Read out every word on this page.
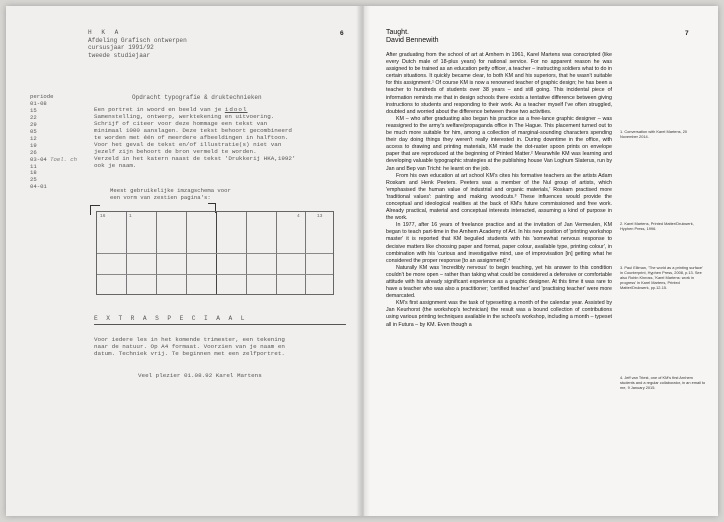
6
H K A
Afdeling Grafisch ontwerpen
cursusjaar 1991/92
tweede studiejaar
periode
01-08
15
22
29
05
12
19
26
03-04 Toel. ch
11
18
25
04-01
Opdracht typografie & druktechnieken
Een portret in woord en beeld van je idool
Samenstelling, ontwerp, werktekening en uitvoering.
Schrijf of citeer voor deze hommage een tekst van
minimaal 1000 aanslagen. Deze tekst behoort gecombineerd
te worden met één of meerdere afbeeldingen in halftoon.
Voor het geval de tekst en/of illustratie(s) niet van
jezelf zijn behoort de bron vermeld te worden.
Verzeld in het katern naast de tekst 'Drukkerij HKA,1992'
ook je naam.
Meest gebruikelijke imzagschema voor
een vorm van zestien pagina's:
16	1	4	13
E X T R A S P E C I A A L
Voor iedere les in het komende trimester, een tekening
naar de natuur. Op A4 formaat. Voorzien van je naam en
datum. Techniek vrij. Te beginnen met een zelfportret.
Veel plezier 01.08.92 Karel Martens
7
Taught.
David Bennewith

After graduating from the school of art at Arnhem in 1961, Karel Martens was conscripted (like every Dutch male of 18-plus years) for national service. For no apparent reason he was assigned to be trained as an education petty officer, a teacher – instructing soldiers what to do in certain situations. It quickly became clear, to both KM and his superiors, that he wasn't suitable for this assignment.¹ Of course KM is now a renowned teacher of graphic design; he has been a teacher to hundreds of students over 38 years – and still going. This incidental piece of information reminds me that in design schools there exists a tentative difference between giving instructions to students and responding to their work. As a teacher myself I've often struggled, doubted and worried about the difference between these two activities.

KM – who after graduating also began his practice as a free-lance graphic designer – was reassigned to the army's welfare/propaganda office in The Hague. This placement turned out to be much more suitable for him, among a collection of marginal-sounding characters spending their day doing things they weren't really interested in. During downtime in the office, with access to drawing and printing materials, KM made the dot-raster spoon prints on envelope paper that are reproduced at the beginning of Printed Matter.² Meanwhile KM was learning and developing valuable typographic strategies at the publishing house Van Loghum Slaterus, run by Jan and Bep van Tricht: he learnt on the job.

From his own education at art school KM's cites his formative teachers as the artists Adam Roskam and Henk Peeters. Peeters was a member of the Nul group of artists, which 'emphasised the human value of industrial and organic materials,' Roskam practised more 'traditional values': painting and making woodcuts.³ These influences would provide the conceptual and ideological realities at the back of KM's future commissioned and free work. Already practical, material and conceptual interests interacted, assuming a kind of purpose in the work.

In 1977, after 16 years of freelance practice and at the invitation of Jan Vermeulen, KM began to teach part-time in the Arnhem Academy of Art. In his new position of 'printing workshop master' it is reported that KM beguiled students with his 'somewhat nervous response to decisive matters like choosing paper and format, paper colour, available type, printing colour', in combination with his 'curious and investigative mind, use of improvisation [in] getting what he considered the proper response [to an assignment]'.⁴

Naturally KM was 'incredibly nervous' to begin teaching, yet his answer to this condition couldn't be more open – rather than taking what could be considered a defensive or comfortable attitude with his already significant experience as a graphic designer. At this time it was rare to have a teacher who was also a practitioner; 'certified teacher' and 'practising teacher' were more demarcated.

KM's first assignment was the task of typesetting a month of the calendar year. Assisted by Jan Keurhorst (the workshop's technician) the result was a bound collection of contributions using various printing techniques available in the school's workshop, including a month – typeset all in Futura – by KM. Even though a

1. Conversation with Karel Martens, 20 November 2014.
2. Karel Martens, Printed Matter/Drukwerk, Hyphen Press, 1996.
3. Paul Elliman, 'The world as a printing surface' in Counterprint, Hyphen Press, 2008, p.13. See also Robin Kinross, 'Karel Martens: work in progress' in Karel Martens, Printed Matter/Drukwerk, pp.12-15.
4. Jeff van Triest, one of KM's first Arnhem students and a regular collaborator, in an email to me, 9 January 2015.
